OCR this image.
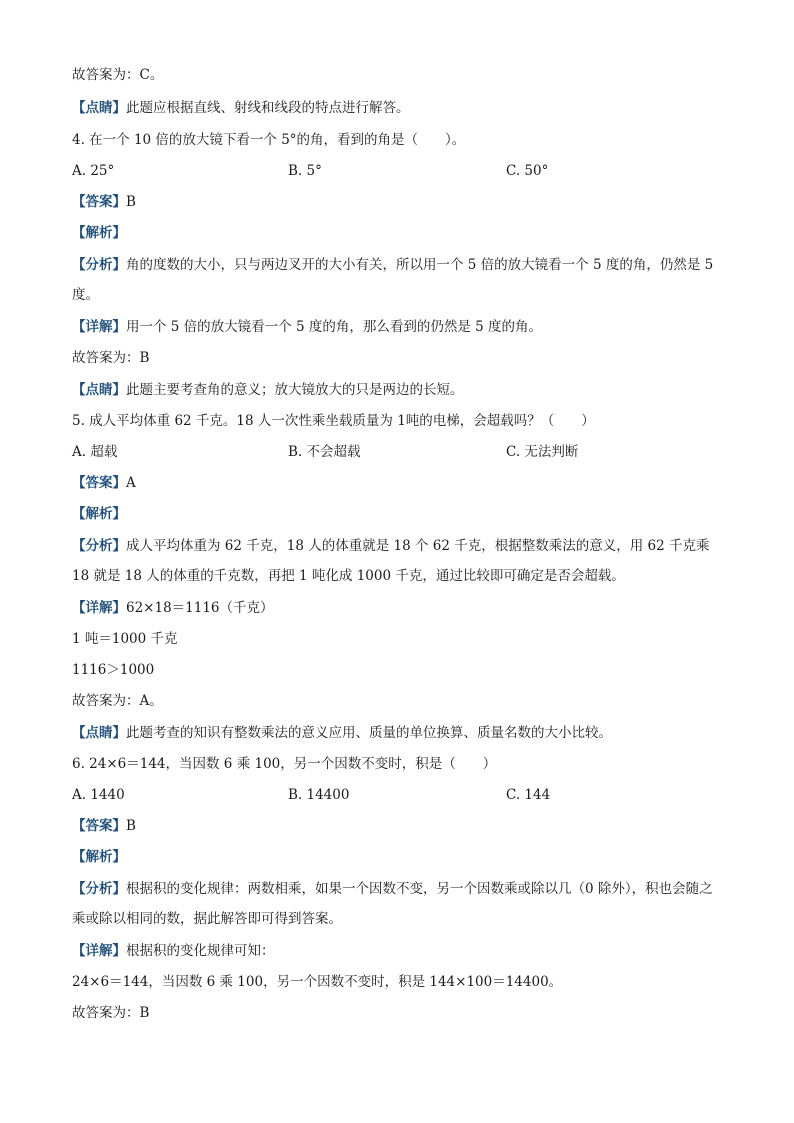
故答案为：C。
【点睛】此题应根据直线、射线和线段的特点进行解答。
4. 在一个 10 倍的放大镜下看一个 5°的角，看到的角是（　　）。
A. 25°	B. 5°	C. 50°
【答案】B
【解析】
【分析】角的度数的大小，只与两边叉开的大小有关，所以用一个 5 倍的放大镜看一个 5 度的角，仍然是 5 度。
【详解】用一个 5 倍的放大镜看一个 5 度的角，那么看到的仍然是 5 度的角。
故答案为：B
【点睛】此题主要考查角的意义；放大镜放大的只是两边的长短。
5. 成人平均体重 62 千克。18 人一次性乘坐载质量为 1吨的电梯，会超载吗？（　　）
A. 超载	B. 不会超载	C. 无法判断
【答案】A
【解析】
【分析】成人平均体重为 62 千克，18 人的体重就是 18 个 62 千克，根据整数乘法的意义，用 62 千克乘 18 就是 18 人的体重的千克数，再把 1 吨化成 1000 千克，通过比较即可确定是否会超载。
【详解】62×18＝1116（千克）
1 吨＝1000 千克
1116＞1000
故答案为：A。
【点睛】此题考查的知识有整数乘法的意义应用、质量的单位换算、质量名数的大小比较。
6. 24×6＝144，当因数 6 乘 100，另一个因数不变时，积是（　　）
A. 1440	B. 14400	C. 144
【答案】B
【解析】
【分析】根据积的变化规律：两数相乘，如果一个因数不变，另一个因数乘或除以几（0 除外），积也会随之乘或除以相同的数，据此解答即可得到答案。
【详解】根据积的变化规律可知：
24×6＝144，当因数 6 乘 100，另一个因数不变时，积是 144×100＝14400。
故答案为：B
